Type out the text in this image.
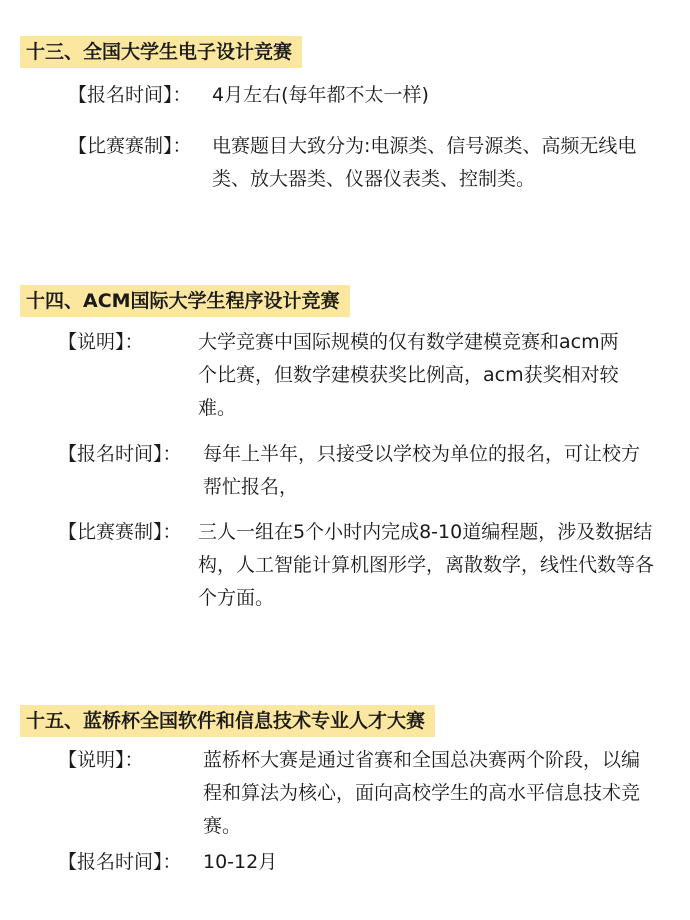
十三、全国大学生电子设计竞赛
【报名时间】： 4月左右(每年都不太一样)
【比赛赛制】： 电赛题目大致分为:电源类、信号源类、高频无线电类、放大器类、仪器仪表类、控制类。
十四、ACM国际大学生程序设计竞赛
【说明】：	大学竞赛中国际规模的仅有数学建模竞赛和acm两个比赛，但数学建模获奖比例高，acm获奖相对较难。
【报名时间】： 每年上半年，只接受以学校为单位的报名，可让校方帮忙报名，
【比赛赛制】： 三人一组在5个小时内完成8-10道编程题，涉及数据结构，人工智能计算机图形学，离散数学，线性代数等各个方面。
十五、蓝桥杯全国软件和信息技术专业人才大赛
【说明】：	蓝桥杯大赛是通过省赛和全国总决赛两个阶段，以编程和算法为核心，面向高校学生的高水平信息技术竞赛。
【报名时间】： 10-12月
